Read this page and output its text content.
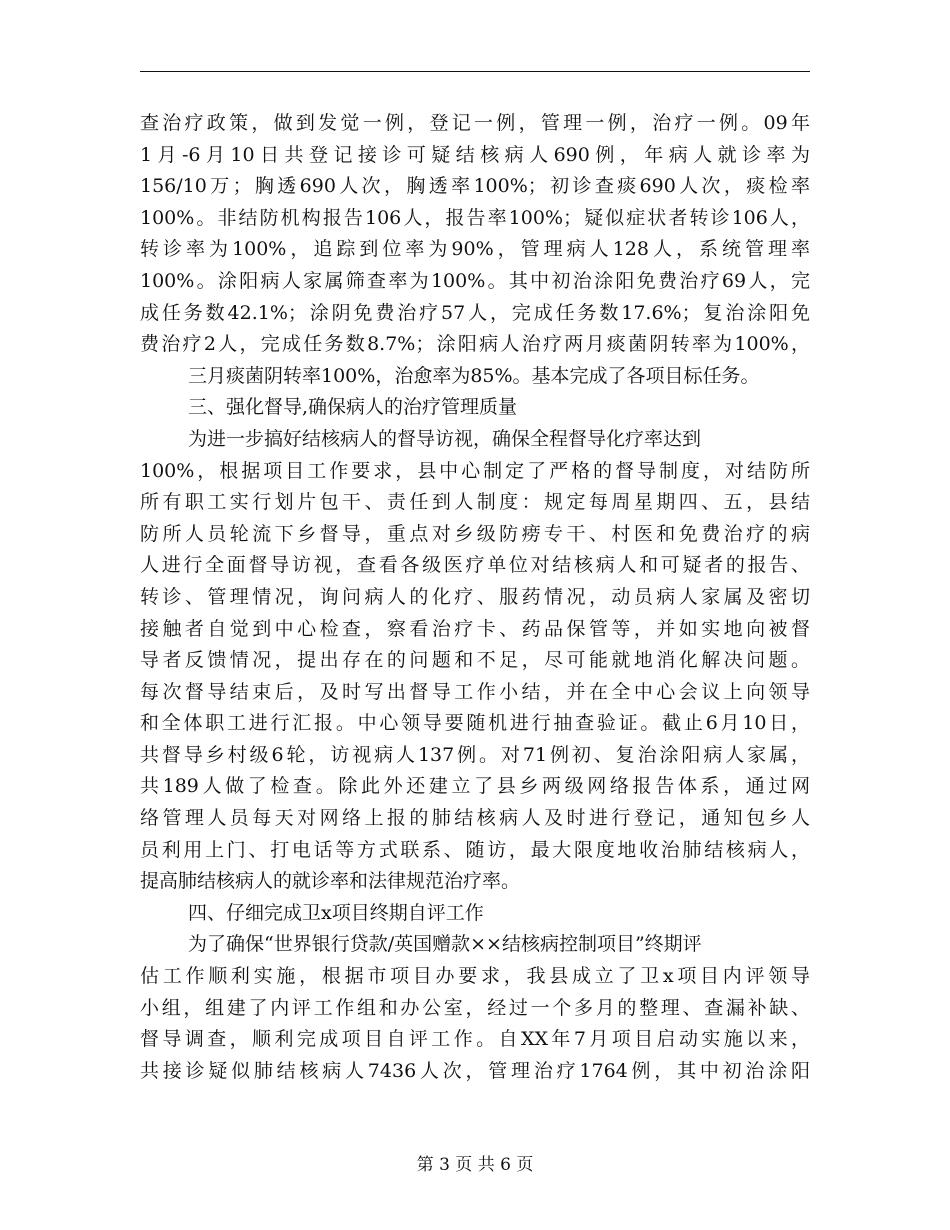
查治疗政策，做到发觉一例，登记一例，管理一例，治疗一例。09年
1月-6月10日共登记接诊可疑结核病人690例，年病人就诊率为
156/10万；胸透690人次，胸透率100%；初诊查痰690人次，痰检率
100%。非结防机构报告106人，报告率100%；疑似症状者转诊106人，
转诊率为100%，追踪到位率为90%，管理病人128人，系统管理率
100%。涂阳病人家属筛查率为100%。其中初治涂阳免费治疗69人，完
成任务数42.1%；涂阴免费治疗57人，完成任务数17.6%；复治涂阳免
费治疗2人，完成任务数8.7%；涂阳病人治疗两月痰菌阴转率为100%，
三月痰菌阴转率100%，治愈率为85%。基本完成了各项目标任务。
三、强化督导,确保病人的治疗管理质量
为进一步搞好结核病人的督导访视，确保全程督导化疗率达到
100%，根据项目工作要求，县中心制定了严格的督导制度，对结防所
所有职工实行划片包干、责任到人制度：规定每周星期四、五，县结
防所人员轮流下乡督导，重点对乡级防痨专干、村医和免费治疗的病
人进行全面督导访视，查看各级医疗单位对结核病人和可疑者的报告、
转诊、管理情况，询问病人的化疗、服药情况，动员病人家属及密切
接触者自觉到中心检查，察看治疗卡、药品保管等，并如实地向被督
导者反馈情况，提出存在的问题和不足，尽可能就地消化解决问题。
每次督导结束后，及时写出督导工作小结，并在全中心会议上向领导
和全体职工进行汇报。中心领导要随机进行抽查验证。截止6月10日，
共督导乡村级6轮，访视病人137例。对71例初、复治涂阳病人家属，
共189人做了检查。除此外还建立了县乡两级网络报告体系，通过网
络管理人员每天对网络上报的肺结核病人及时进行登记，通知包乡人
员利用上门、打电话等方式联系、随访，最大限度地收治肺结核病人，
提高肺结核病人的就诊率和法律规范治疗率。
四、仔细完成卫x项目终期自评工作
为了确保“世界银行贷款/英国赠款××结核病控制项目”终期评
估工作顺利实施，根据市项目办要求，我县成立了卫x项目内评领导
小组，组建了内评工作组和办公室，经过一个多月的整理、查漏补缺、
督导调查，顺利完成项目自评工作。自XX年7月项目启动实施以来，
共接诊疑似肺结核病人7436人次，管理治疗1764例，其中初治涂阳
第 3 页 共 6 页
